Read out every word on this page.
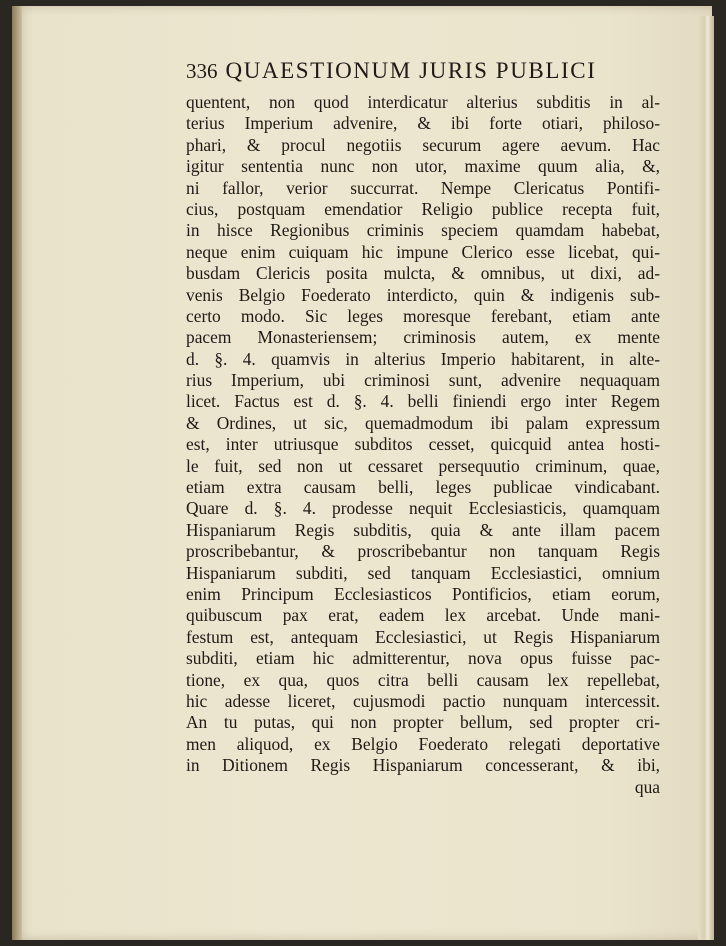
336 QUAESTIONUM JURIS PUBLICI
quentent, non quod interdicatur alterius subditis in al-
terius Imperium advenire, & ibi forte otiari, philoso-
phari, & procul negotiis securum agere aevum. Hac
igitur sententia nunc non utor, maxime quum alia, &,
ni fallor, verior succurrat. Nempe Clericatus Pontifi-
cius, postquam emendatior Religio publice recepta fuit,
in hisce Regionibus criminis speciem quamdam habebat,
neque enim cuiquam hic impune Clerico esse licebat, qui-
busdam Clericis posita mulcta, & omnibus, ut dixi, ad-
venis Belgio Foederato interdicto, quin & indigenis sub-
certo modo. Sic leges moresque ferebant, etiam ante
pacem Monasteriensem; criminosis autem, ex mente
d. §. 4. quamvis in alterius Imperio habitarent, in alte-
rius Imperium, ubi criminosi sunt, advenire nequaquam
licet. Factus est d. §. 4. belli finiendi ergo inter Regem
& Ordines, ut sic, quemadmodum ibi palam expressum
est, inter utriusque subditos cesset, quicquid antea hosti-
le fuit, sed non ut cessaret persequutio criminum, quae,
etiam extra causam belli, leges publicae vindicabant.
Quare d. §. 4. prodesse nequit Ecclesiasticis, quamquam
Hispaniarum Regis subditis, quia & ante illam pacem
proscribebantur, & proscribebantur non tanquam Regis
Hispaniarum subditi, sed tanquam Ecclesiastici, omnium
enim Principum Ecclesiasticos Pontificios, etiam eorum,
quibuscum pax erat, eadem lex arcebat. Unde mani-
festum est, antequam Ecclesiastici, ut Regis Hispaniarum
subditi, etiam hic admitterentur, nova opus fuisse pac-
tione, ex qua, quos citra belli causam lex repellebat,
hic adesse liceret, cujusmodi pactio nunquam intercessit.
An tu putas, qui non propter bellum, sed propter cri-
men aliquod, ex Belgio Foederato relegati deportative
in Ditionem Regis Hispaniarum concesserant, & ibi,
qua
